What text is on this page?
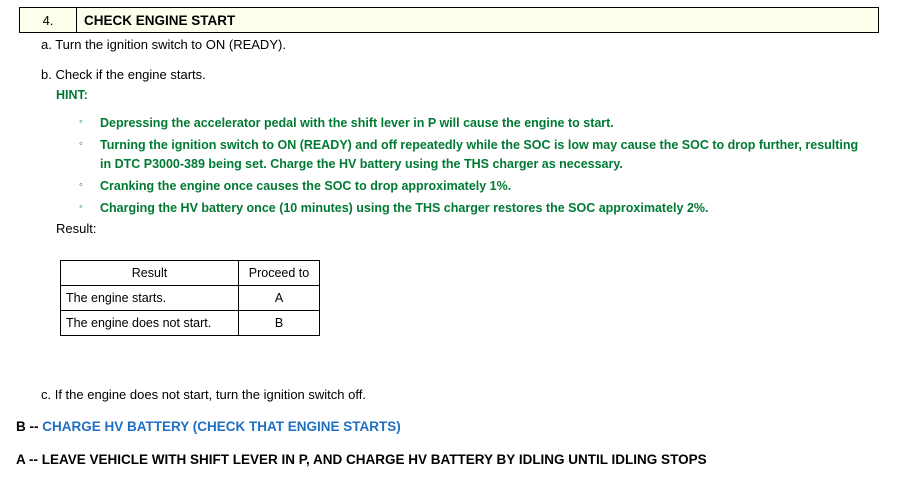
4.	CHECK ENGINE START
a. Turn the ignition switch to ON (READY).
b. Check if the engine starts.
HINT:
◦ Depressing the accelerator pedal with the shift lever in P will cause the engine to start.
◦ Turning the ignition switch to ON (READY) and off repeatedly while the SOC is low may cause the SOC to drop further, resulting in DTC P3000-389 being set. Charge the HV battery using the THS charger as necessary.
◦ Cranking the engine once causes the SOC to drop approximately 1%.
◦ Charging the HV battery once (10 minutes) using the THS charger restores the SOC approximately 2%.
Result:
Result	Proceed to
The engine starts.	A
The engine does not start.	B
c. If the engine does not start, turn the ignition switch off.
B -- CHARGE HV BATTERY (CHECK THAT ENGINE STARTS)
A -- LEAVE VEHICLE WITH SHIFT LEVER IN P, AND CHARGE HV BATTERY BY IDLING UNTIL IDLING STOPS
